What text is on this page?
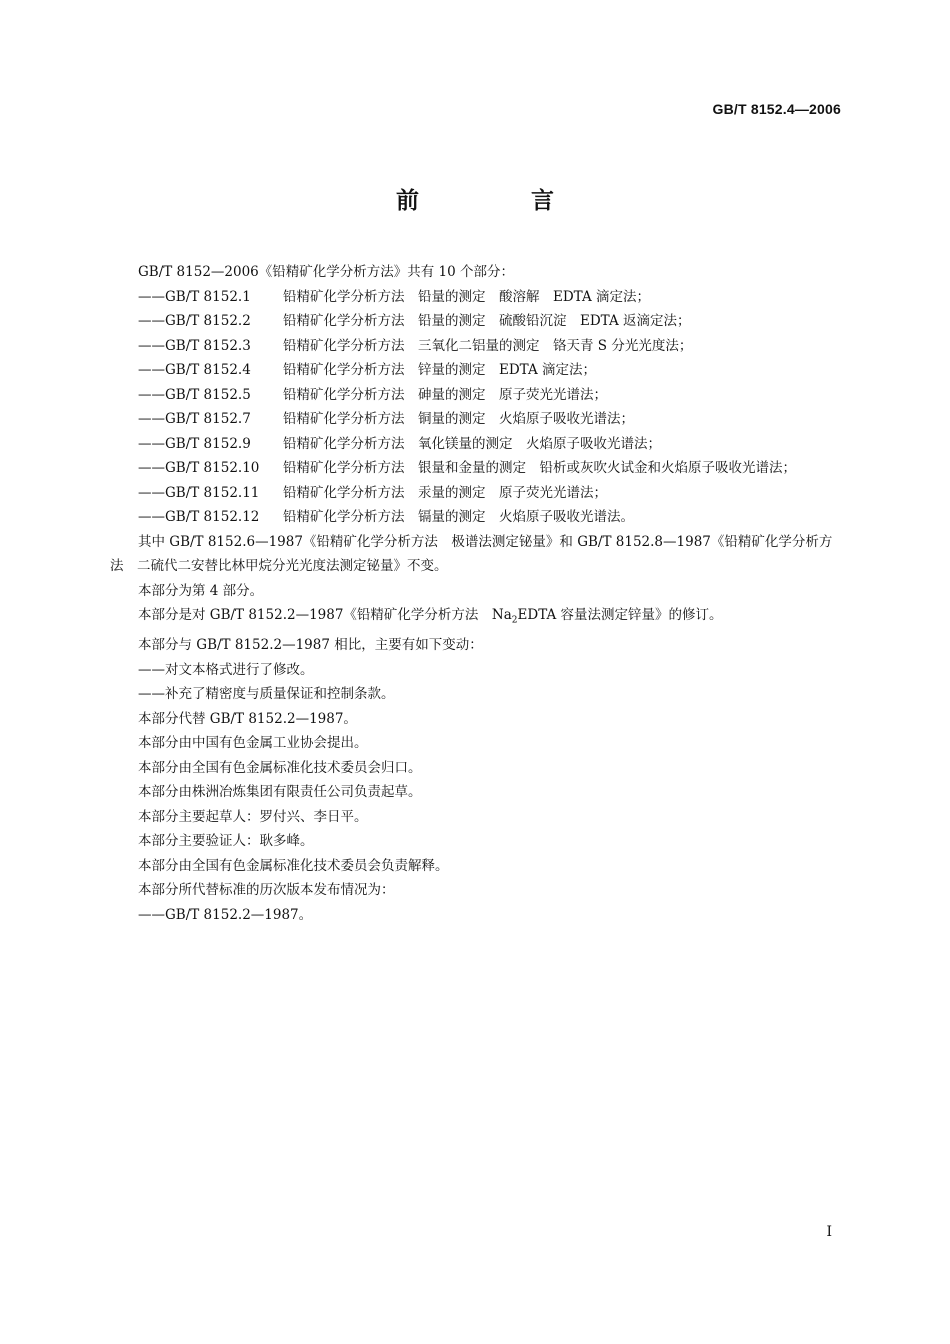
GB/T 8152.4—2006
前 言

GB/T 8152—2006《铅精矿化学分析方法》共有 10 个部分：

—— GB/T 8152.1	铅精矿化学分析方法　铅量的测定　酸溶解　EDTA 滴定法；
—— GB/T 8152.2	铅精矿化学分析方法　铅量的测定　硫酸铅沉淀　EDTA 返滴定法；
—— GB/T 8152.3	铅精矿化学分析方法　三氧化二铝量的测定　铬天青 S 分光光度法；
—— GB/T 8152.4	铅精矿化学分析方法　锌量的测定　EDTA 滴定法；
—— GB/T 8152.5	铅精矿化学分析方法　砷量的测定　原子荧光光谱法；
—— GB/T 8152.7	铅精矿化学分析方法　铜量的测定　火焰原子吸收光谱法；
—— GB/T 8152.9	铅精矿化学分析方法　氧化镁量的测定　火焰原子吸收光谱法；
—— GB/T 8152.10	铅精矿化学分析方法　银量和金量的测定　铅析或灰吹火试金和火焰原子吸收光谱法；
—— GB/T 8152.11	铅精矿化学分析方法　汞量的测定　原子荧光光谱法；
—— GB/T 8152.12	铅精矿化学分析方法　镉量的测定　火焰原子吸收光谱法。

其中 GB/T 8152.6—1987《铅精矿化学分析方法　极谱法测定铋量》和 GB/T 8152.8—1987《铅精矿化学分析方法　二硫代二安替比林甲烷分光光度法测定铋量》不变。

本部分为第 4 部分。

本部分是对 GB/T 8152.2—1987《铅精矿化学分析方法　$Na_2EDTA$ 容量法测定锌量》的修订。

本部分与 GB/T 8152.2—1987 相比，主要有如下变动：

——对文本格式进行了修改。

——补充了精密度与质量保证和控制条款。

本部分代替 GB/T 8152.2—1987。

本部分由中国有色金属工业协会提出。

本部分由全国有色金属标准化技术委员会归口。

本部分由株洲冶炼集团有限责任公司负责起草。

本部分主要起草人：罗付兴、李日平。

本部分主要验证人：耿多峰。

本部分由全国有色金属标准化技术委员会负责解释。

本部分所代替标准的历次版本发布情况为：

——GB/T 8152.2—1987。

I
